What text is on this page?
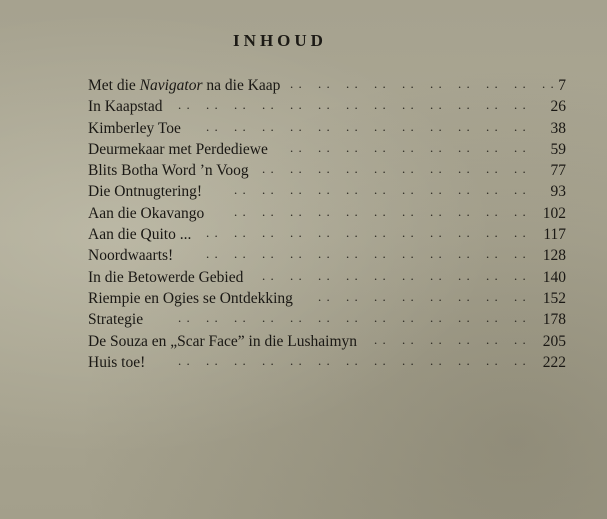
INHOUD
Met die Navigator na die Kaap	7
. . . . . . . . . . . . . . . . . . . .
In Kaapstad	26
. . . . . . . . . . . . . . . . . . . . . . . . . .
Kimberley Toe	38
. . . . . . . . . . . . . . . . . . . . . . . .
Deurmekaar met Perdediewe	59
. . . . . . . . . . . . . . . . . .
Blits Botha Word ’n Voog	77
. . . . . . . . . . . . . . . . . . . .
Die Ontnugtering!	93
. . . . . . . . . . . . . . . . . . . . . .
Aan die Okavango	102
. . . . . . . . . . . . . . . . . . . . . .
Aan die Quito ...	117
. . . . . . . . . . . . . . . . . . . . . . . .
Noordwaarts!	128
. . . . . . . . . . . . . . . . . . . . . . . .
In die Betowerde Gebied	140
. . . . . . . . . . . . . . . . . . . .
Riempie en Ogies se Ontdekking	152
. . . . . . . . . . . . . . . .
Strategie	178
. . . . . . . . . . . . . . . . . . . . . . . . . .
De Souza en „Scar Face” in die Lushaimyn	205
. . . . . . . . . . . .
Huis toe!	222
. . . . . . . . . . . . . . . . . . . . . . . . . .
